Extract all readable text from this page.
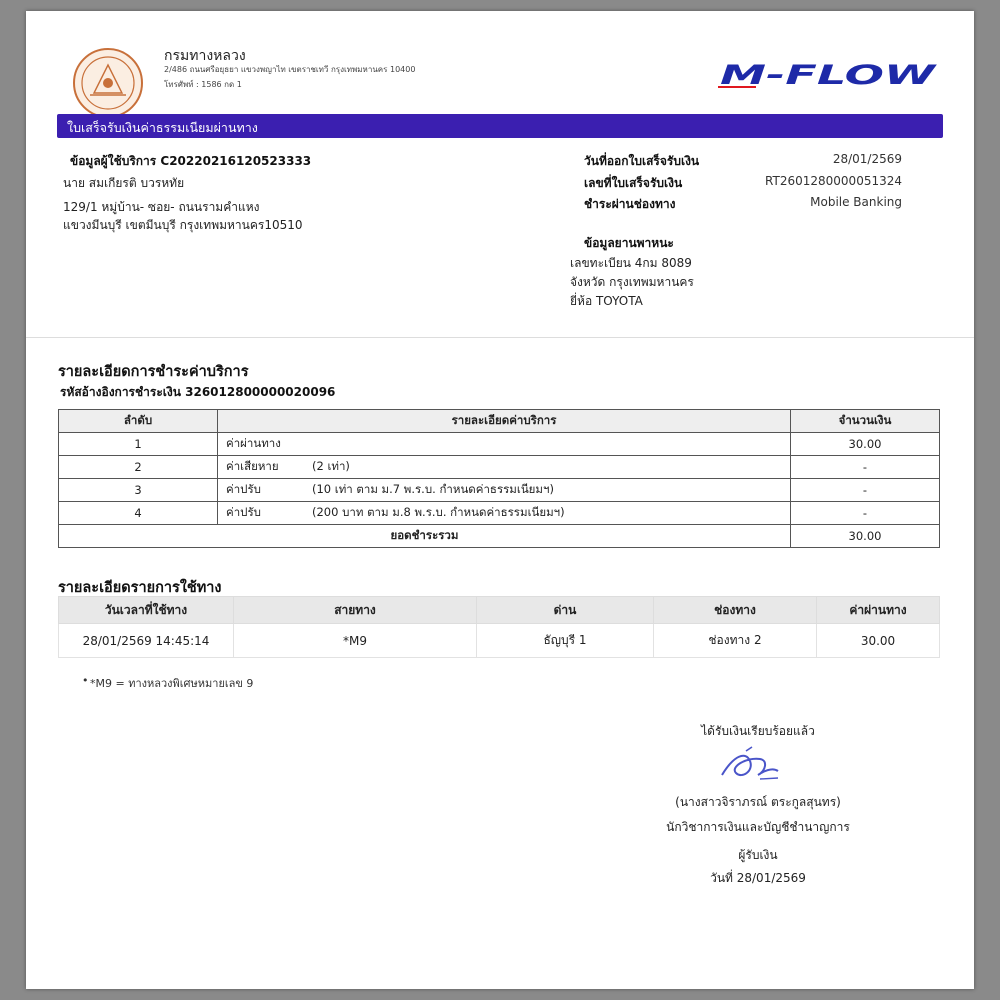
กรมทางหลวง
2/486 ถนนศรีอยุธยา แขวงพญาไท เขตราชเทวี กรุงเทพมหานคร 10400
โทรศัพท์ : 1586 กด 1	M-FLOW
ใบเสร็จรับเงินค่าธรรมเนียมผ่านทาง
ข้อมูลผู้ใช้บริการ C20220216120523333
นาย สมเกียรติ บวรหทัย
129/1 หมู่บ้าน- ซอย- ถนนรามคำแหง
แขวงมีนบุรี เขตมีนบุรี กรุงเทพมหานคร10510
วันที่ออกใบเสร็จรับเงิน	28/01/2569
เลขที่ใบเสร็จรับเงิน	RT2601280000051324
ชำระผ่านช่องทาง	Mobile Banking
ข้อมูลยานพาหนะ
เลขทะเบียน 4กม 8089
จังหวัด กรุงเทพมหานคร
ยี่ห้อ TOYOTA
รายละเอียดการชำระค่าบริการ
รหัสอ้างอิงการชำระเงิน 326012800000020096
ลำดับ	รายละเอียดค่าบริการ	จำนวนเงิน
1	ค่าผ่านทาง	30.00
2	ค่าเสียหาย (2 เท่า)	-
3	ค่าปรับ (10 เท่า ตาม ม.7 พ.ร.บ. กำหนดค่าธรรมเนียมฯ)	-
4	ค่าปรับ (200 บาท ตาม ม.8 พ.ร.บ. กำหนดค่าธรรมเนียมฯ)	-
ยอดชำระรวม		30.00
รายละเอียดรายการใช้ทาง
วันเวลาที่ใช้ทาง	สายทาง	ด่าน	ช่องทาง	ค่าผ่านทาง
28/01/2569 14:45:14	*M9	ธัญบุรี 1	ช่องทาง 2	30.00
• *M9 = ทางหลวงพิเศษหมายเลข 9
ได้รับเงินเรียบร้อยแล้ว
(นางสาวจิราภรณ์ ตระกูลสุนทร)
นักวิชาการเงินและบัญชีชำนาญการ
ผู้รับเงิน
วันที่ 28/01/2569
